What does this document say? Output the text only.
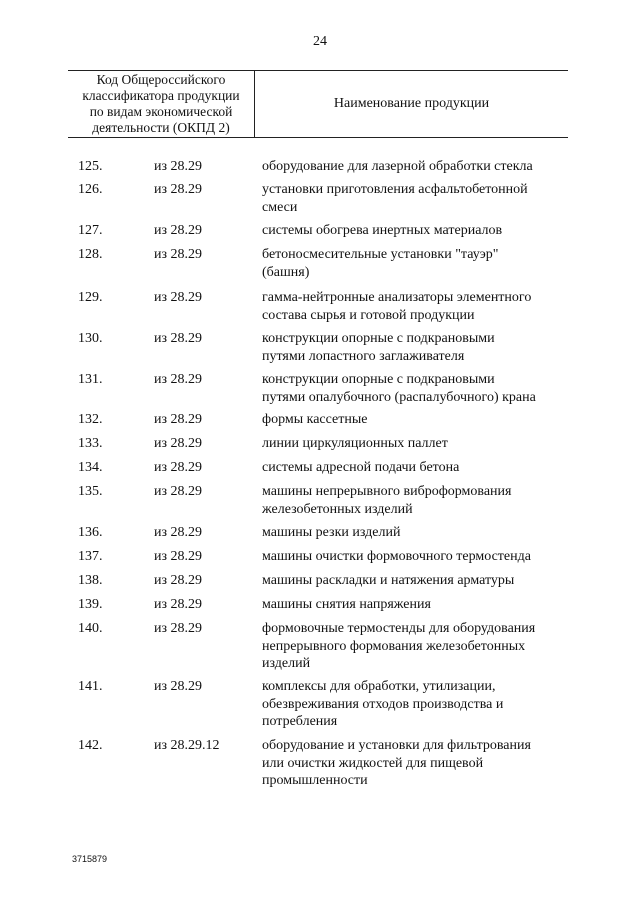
24
Код Общероссийского
классификатора продукции
по видам экономической
деятельности (ОКПД 2)
Наименование продукции
125.	из 28.29	оборудование для лазерной обработки стекла
126.	из 28.29	установки приготовления асфальтобетонной
смеси
127.	из 28.29	системы обогрева инертных материалов
128.	из 28.29	бетоносмесительные установки "тауэр"
(башня)
129.	из 28.29	гамма-нейтронные анализаторы элементного
состава сырья и готовой продукции
130.	из 28.29	конструкции опорные с подкрановыми
путями лопастного заглаживателя
131.	из 28.29	конструкции опорные с подкрановыми
путями опалубочного (распалубочного) крана
132.	из 28.29	формы кассетные
133.	из 28.29	линии циркуляционных паллет
134.	из 28.29	системы адресной подачи бетона
135.	из 28.29	машины непрерывного виброформования
железобетонных изделий
136.	из 28.29	машины резки изделий
137.	из 28.29	машины очистки формовочного термостенда
138.	из 28.29	машины раскладки и натяжения арматуры
139.	из 28.29	машины снятия напряжения
140.	из 28.29	формовочные термостенды для оборудования
непрерывного формования железобетонных
изделий
141.	из 28.29	комплексы для обработки, утилизации,
обезвреживания отходов производства и
потребления
142.	из 28.29.12	оборудование и установки для фильтрования
или очистки жидкостей для пищевой
промышленности
3715879
